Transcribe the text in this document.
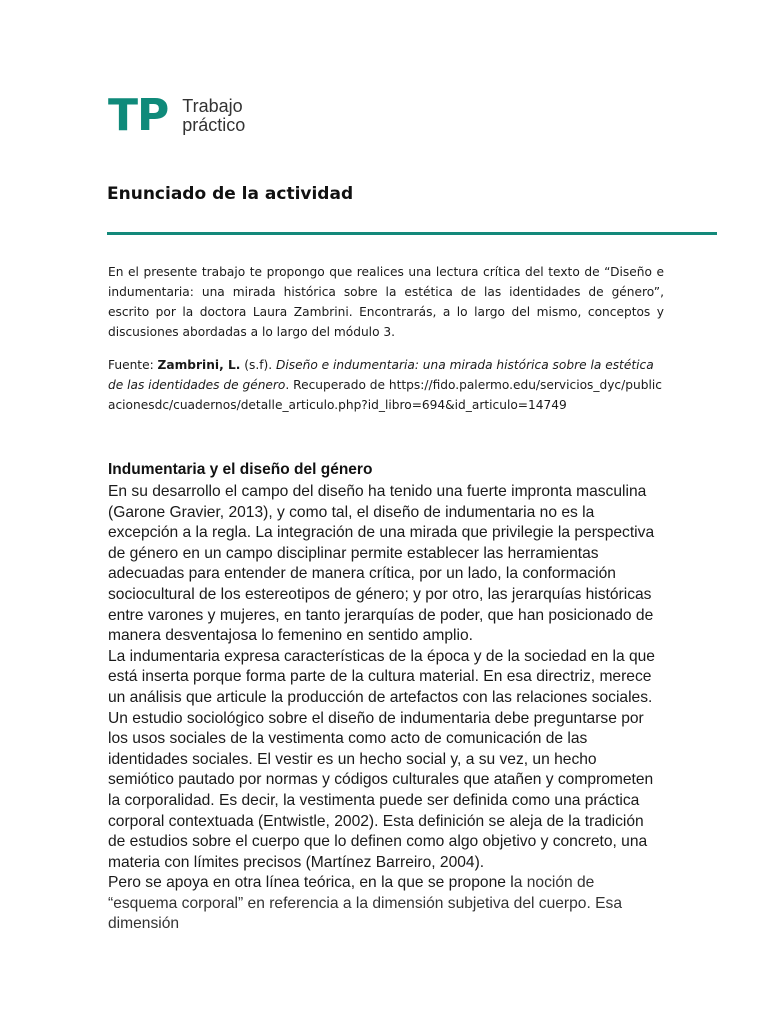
TP Trabajo
práctico
Enunciado de la actividad

En el presente trabajo te propongo que realices una lectura crítica del texto de “Diseño e indumentaria: una mirada histórica sobre la estética de las identidades de género”, escrito por la doctora Laura Zambrini. Encontrarás, a lo largo del mismo, conceptos y discusiones abordadas a lo largo del módulo 3.

Fuente: Zambrini, L. (s.f). Diseño e indumentaria: una mirada histórica sobre la estética de las identidades de género. Recuperado de https://fido.palermo.edu/servicios_dyc/publicacionesdc/cuadernos/detalle_articulo.php?id_libro=694&id_articulo=14749

Indumentaria y el diseño del género

En su desarrollo el campo del diseño ha tenido una fuerte impronta masculina (Garone Gravier, 2013), y como tal, el diseño de indumentaria no es la excepción a la regla. La integración de una mirada que privilegie la perspectiva de género en un campo disciplinar permite establecer las herramientas adecuadas para entender de manera crítica, por un lado, la conformación sociocultural de los estereotipos de género; y por otro, las jerarquías históricas entre varones y mujeres, en tanto jerarquías de poder, que han posicionado de manera desventajosa lo femenino en sentido amplio.

La indumentaria expresa características de la época y de la sociedad en la que está inserta porque forma parte de la cultura material. En esa directriz, merece un análisis que articule la producción de artefactos con las relaciones sociales. Un estudio sociológico sobre el diseño de indumentaria debe preguntarse por los usos sociales de la vestimenta como acto de comunicación de las identidades sociales. El vestir es un hecho social y, a su vez, un hecho semiótico pautado por normas y códigos culturales que atañen y comprometen la corporalidad. Es decir, la vestimenta puede ser definida como una práctica corporal contextuada (Entwistle, 2002). Esta definición se aleja de la tradición de estudios sobre el cuerpo que lo definen como algo objetivo y concreto, una materia con límites precisos (Martínez Barreiro, 2004).

Pero se apoya en otra línea teórica, en la que se propone la noción de “esquema corporal” en referencia a la dimensión subjetiva del cuerpo. Esa dimensión
